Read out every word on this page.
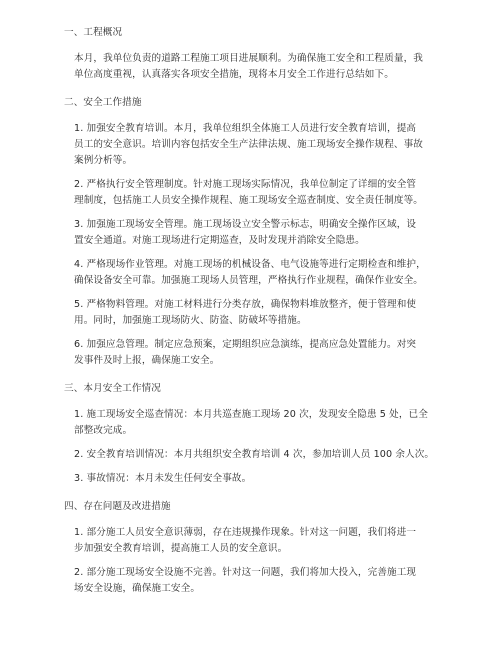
一、工程概况
本月，我单位负责的道路工程施工项目进展顺利。为确保施工安全和工程质量，我
单位高度重视，认真落实各项安全措施，现将本月安全工作进行总结如下。
二、安全工作措施
1. 加强安全教育培训。本月，我单位组织全体施工人员进行安全教育培训，提高
员工的安全意识。培训内容包括安全生产法律法规、施工现场安全操作规程、事故
案例分析等。
2. 严格执行安全管理制度。针对施工现场实际情况，我单位制定了详细的安全管
理制度，包括施工人员安全操作规程、施工现场安全巡查制度、安全责任制度等。
3. 加强施工现场安全管理。施工现场设立安全警示标志，明确安全操作区域，设
置安全通道。对施工现场进行定期巡查，及时发现并消除安全隐患。
4. 严格现场作业管理。对施工现场的机械设备、电气设施等进行定期检查和维护，
确保设备安全可靠。加强施工现场人员管理，严格执行作业规程，确保作业安全。
5. 严格物料管理。对施工材料进行分类存放，确保物料堆放整齐，便于管理和使
用。同时，加强施工现场防火、防盗、防破坏等措施。
6. 加强应急管理。制定应急预案，定期组织应急演练，提高应急处置能力。对突
发事件及时上报，确保施工安全。
三、本月安全工作情况
1. 施工现场安全巡查情况：本月共巡查施工现场 20 次，发现安全隐患 5 处，已全
部整改完成。
2. 安全教育培训情况：本月共组织安全教育培训 4 次，参加培训人员 100 余人次。
3. 事故情况：本月未发生任何安全事故。
四、存在问题及改进措施
1. 部分施工人员安全意识薄弱，存在违规操作现象。针对这一问题，我们将进一
步加强安全教育培训，提高施工人员的安全意识。
2. 部分施工现场安全设施不完善。针对这一问题，我们将加大投入，完善施工现
场安全设施，确保施工安全。
